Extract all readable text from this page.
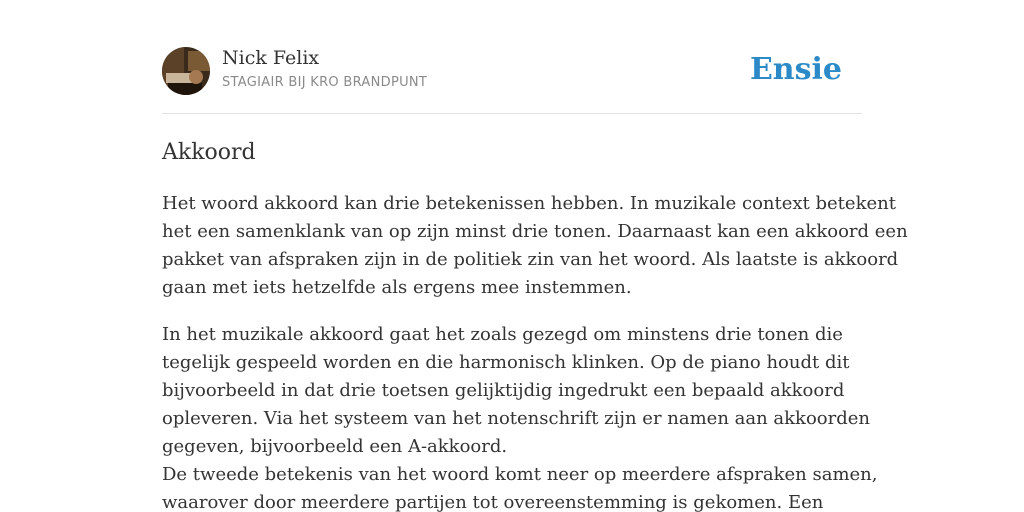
Nick Felix
STAGIAIR BIJ KRO BRANDPUNT	Ensie
Akkoord
Het woord akkoord kan drie betekenissen hebben. In muzikale context betekent
het een samenklank van op zijn minst drie tonen. Daarnaast kan een akkoord een
pakket van afspraken zijn in de politiek zin van het woord. Als laatste is akkoord
gaan met iets hetzelfde als ergens mee instemmen.
In het muzikale akkoord gaat het zoals gezegd om minstens drie tonen die
tegelijk gespeeld worden en die harmonisch klinken. Op de piano houdt dit
bijvoorbeeld in dat drie toetsen gelijktijdig ingedrukt een bepaald akkoord
opleveren. Via het systeem van het notenschrift zijn er namen aan akkoorden
gegeven, bijvoorbeeld een A-akkoord.
De tweede betekenis van het woord komt neer op meerdere afspraken samen,
waarover door meerdere partijen tot overeenstemming is gekomen. Een
